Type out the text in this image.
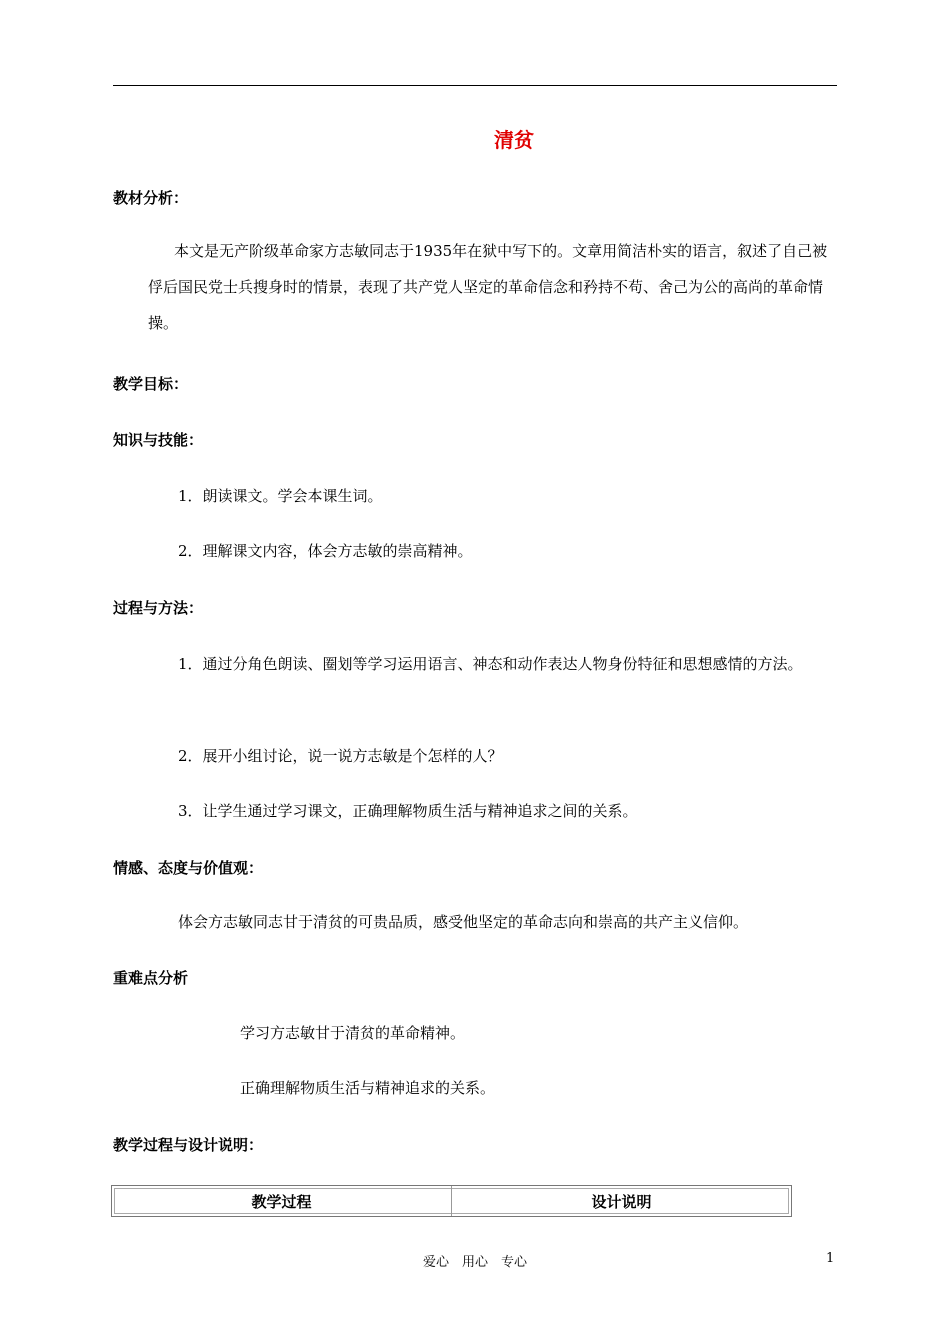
清贫
教材分析：
本文是无产阶级革命家方志敏同志于1935年在狱中写下的。文章用简洁朴实的语言，叙述了自己被俘后国民党士兵搜身时的情景，表现了共产党人坚定的革命信念和矜持不苟、舍己为公的高尚的革命情操。
教学目标：
知识与技能：
1．朗读课文。学会本课生词。
2．理解课文内容，体会方志敏的崇高精神。
过程与方法：
1．通过分角色朗读、圈划等学习运用语言、神态和动作表达人物身份特征和思想感情的方法。
2．展开小组讨论，说一说方志敏是个怎样的人？
3．让学生通过学习课文，正确理解物质生活与精神追求之间的关系。
情感、态度与价值观：
体会方志敏同志甘于清贫的可贵品质，感受他坚定的革命志向和崇高的共产主义信仰。
重难点分析
学习方志敏甘于清贫的革命精神。
正确理解物质生活与精神追求的关系。
教学过程与设计说明：
教学过程	设计说明
爱心　用心　专心	1
